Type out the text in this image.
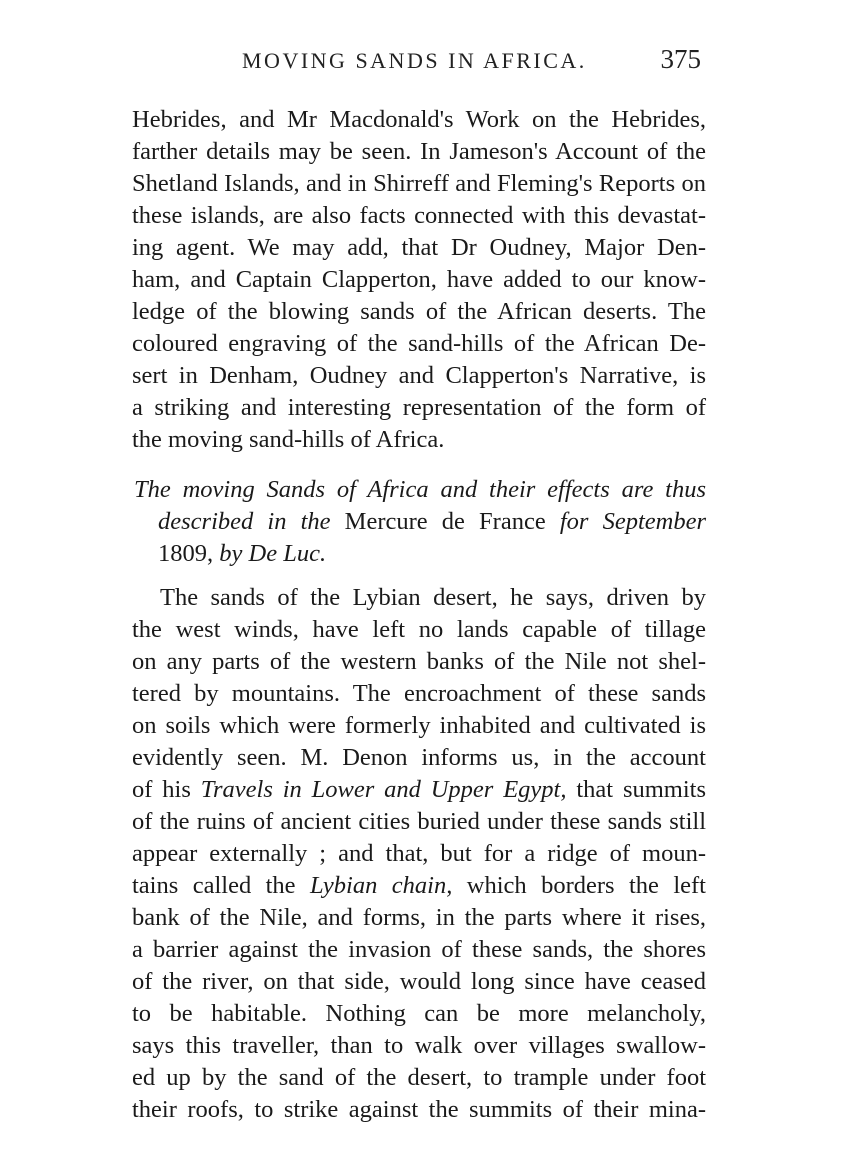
MOVING SANDS IN AFRICA.	375
Hebrides, and Mr Macdonald's Work on the Hebrides,
farther details may be seen. In Jameson's Account of the
Shetland Islands, and in Shirreff and Fleming's Reports on
these islands, are also facts connected with this devastat-
ing agent. We may add, that Dr Oudney, Major Den-
ham, and Captain Clapperton, have added to our know-
ledge of the blowing sands of the African deserts. The
coloured engraving of the sand-hills of the African De-
sert in Denham, Oudney and Clapperton's Narrative, is
a striking and interesting representation of the form of
the moving sand-hills of Africa.
The moving Sands of Africa and their effects are thus
described in the Mercure de France for September
1809, by De Luc.
The sands of the Lybian desert, he says, driven by
the west winds, have left no lands capable of tillage
on any parts of the western banks of the Nile not shel-
tered by mountains. The encroachment of these sands
on soils which were formerly inhabited and cultivated is
evidently seen. M. Denon informs us, in the account
of his Travels in Lower and Upper Egypt, that summits
of the ruins of ancient cities buried under these sands still
appear externally ; and that, but for a ridge of moun-
tains called the Lybian chain, which borders the left
bank of the Nile, and forms, in the parts where it rises,
a barrier against the invasion of these sands, the shores
of the river, on that side, would long since have ceased
to be habitable. Nothing can be more melancholy,
says this traveller, than to walk over villages swallow-
ed up by the sand of the desert, to trample under foot
their roofs, to strike against the summits of their mina-
